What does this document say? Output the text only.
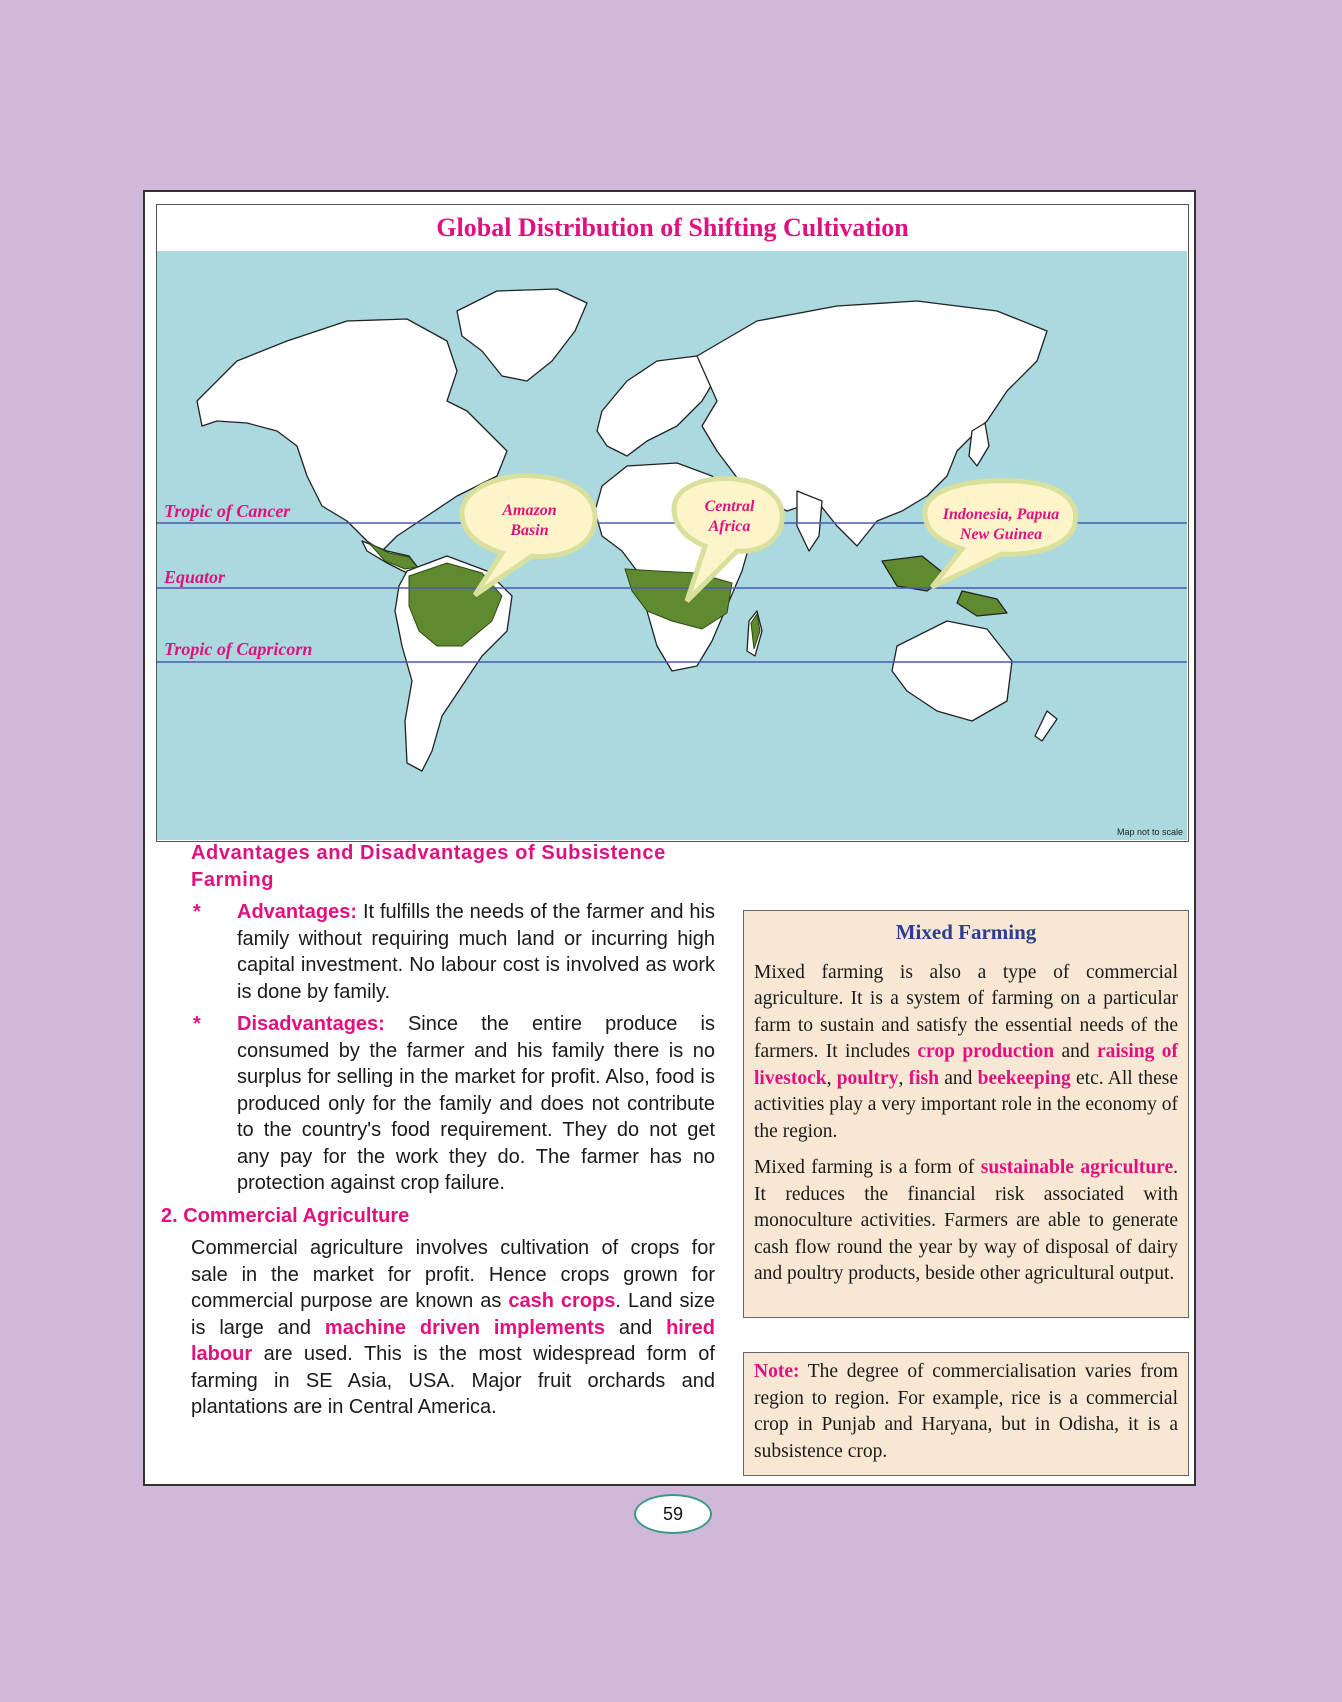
Global Distribution of Shifting Cultivation
Tropic of Cancer
Equator
Tropic of Capricorn
Amazon
Basin
Central
Africa
Indonesia, Papua
New Guinea
Map not to scale
Advantages and Disadvantages of Subsistence Farming
* Advantages: It fulfills the needs of the farmer and his family without requiring much land or incurring high capital investment. No labour cost is involved as work is done by family.
* Disadvantages: Since the entire produce is consumed by the farmer and his family there is no surplus for selling in the market for profit. Also, food is produced only for the family and does not contribute to the country's food requirement. They do not get any pay for the work they do. The farmer has no protection against crop failure.
2. Commercial Agriculture
Commercial agriculture involves cultivation of crops for sale in the market for profit. Hence crops grown for commercial purpose are known as cash crops. Land size is large and machine driven implements and hired labour are used. This is the most widespread form of farming in SE Asia, USA. Major fruit orchards and plantations are in Central America.
Mixed Farming

Mixed farming is also a type of commercial agriculture. It is a system of farming on a particular farm to sustain and satisfy the essential needs of the farmers. It includes crop production and raising of livestock, poultry, fish and beekeeping etc. All these activities play a very important role in the economy of the region.

Mixed farming is a form of sustainable agriculture. It reduces the financial risk associated with monoculture activities. Farmers are able to generate cash flow round the year by way of disposal of dairy and poultry products, beside other agricultural output.

Note: The degree of commercialisation varies from region to region. For example, rice is a commercial crop in Punjab and Haryana, but in Odisha, it is a subsistence crop.
59
